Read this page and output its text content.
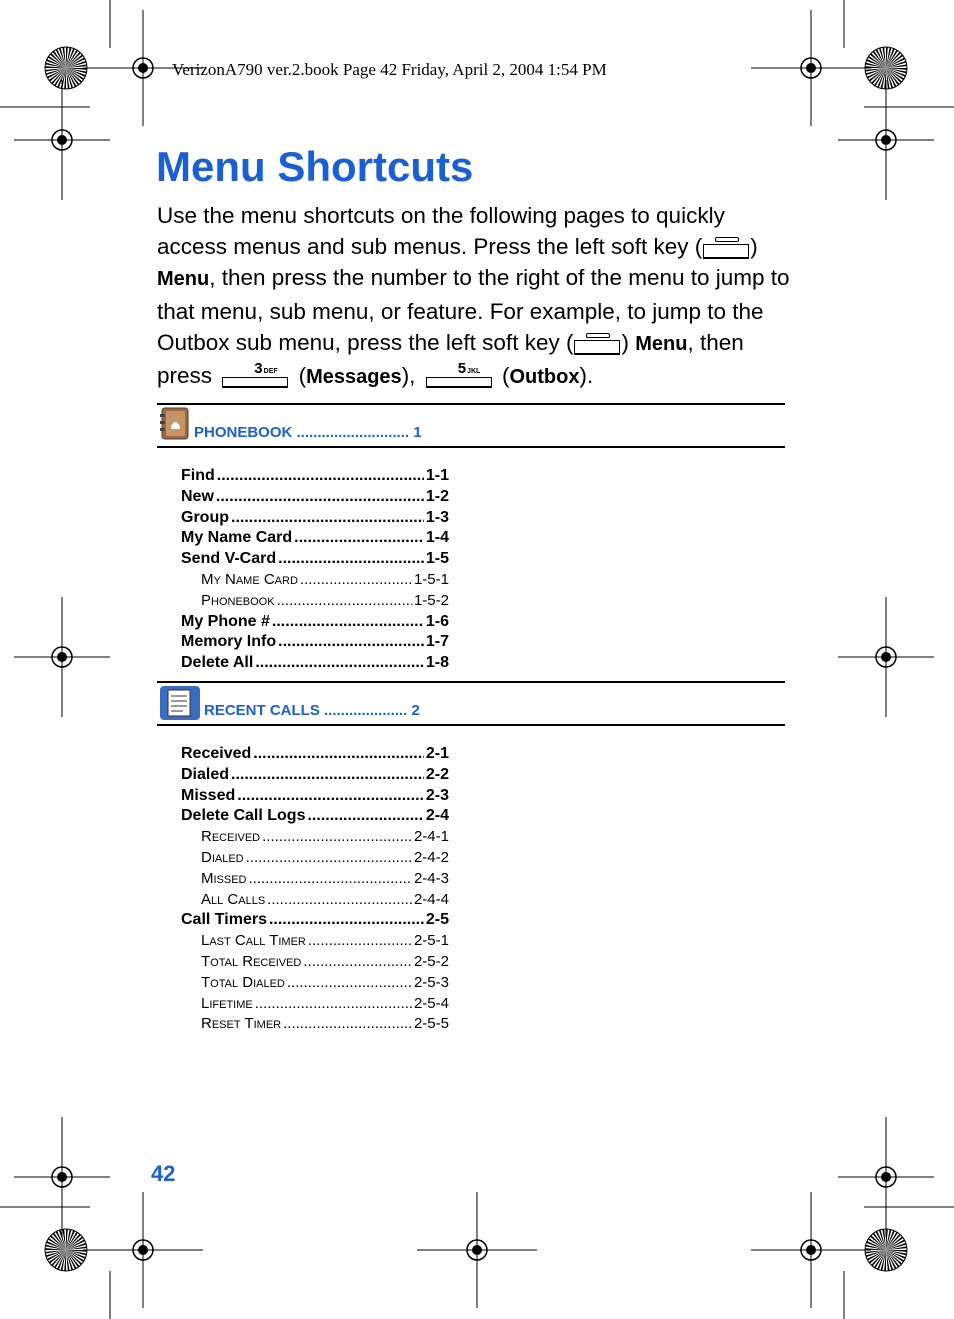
VerizonA790 ver.2.book Page 42 Friday, April 2, 2004 1:54 PM
Menu Shortcuts

Use the menu shortcuts on the following pages to quickly access menus and sub menus. Press the left soft key ( ) Menu, then press the number to the right of the menu to jump to that menu, sub menu, or feature. For example, to jump to the Outbox sub menu, press the left soft key ( ) Menu, then press	3DEF (Messages),	5JKL (Outbox).

PHONEBOOK ........................... 1
Find .....	1-1
New .....	1-2
Group .....	1-3
My Name Card .....	1-4
Send V-Card .....	1-5
My Name Card .....	1-5-1
Phonebook .....	1-5-2
My Phone # .....	1-6
Memory Info .....	1-7
Delete All .....	1-8
RECENT CALLS .................... 2
Received .....	2-1
Dialed .....	2-2
Missed .....	2-3
Delete Call Logs .....	2-4
Received .....	2-4-1
Dialed .....	2-4-2
Missed .....	2-4-3
All Calls .....	2-4-4
Call Timers .....	2-5
Last Call Timer .....	2-5-1
Total Received .....	2-5-2
Total Dialed .....	2-5-3
Lifetime .....	2-5-4
Reset Timer .....	2-5-5
42
